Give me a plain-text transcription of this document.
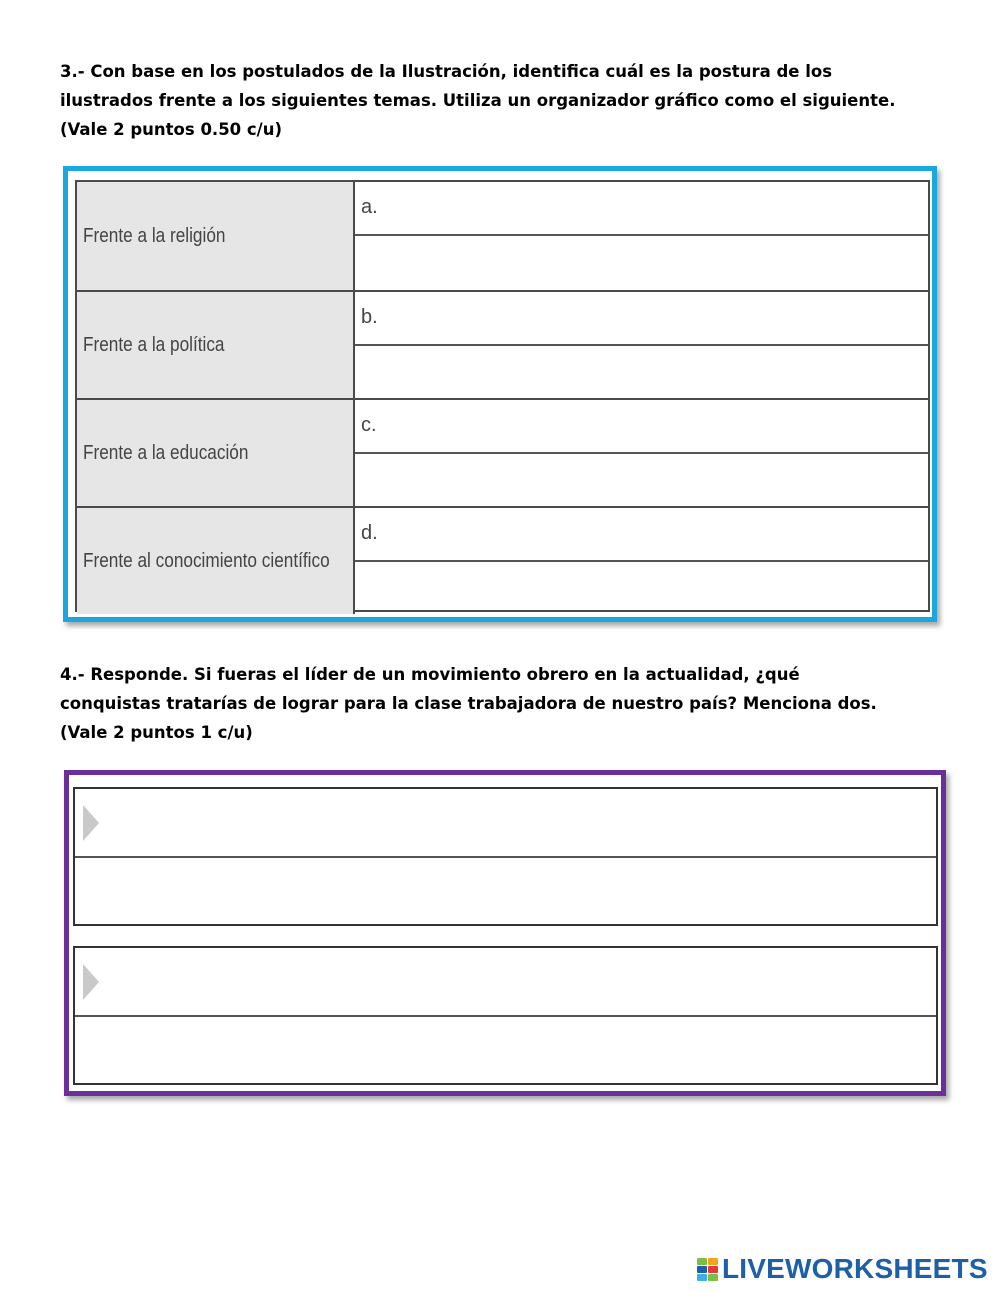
3.- Con base en los postulados de la Ilustración, identifica cuál es la postura de los
ilustrados frente a los siguientes temas. Utiliza un organizador gráfico como el siguiente.
(Vale 2 puntos 0.50 c/u)
Frente a la religión
a.
Frente a la política
b.
Frente a la educación
c.
Frente al conocimiento científico
d.
4.- Responde. Si fueras el líder de un movimiento obrero en la actualidad, ¿qué
conquistas tratarías de lograr para la clase trabajadora de nuestro país? Menciona dos.
(Vale 2 puntos 1 c/u)
LIVEWORKSHEETS
